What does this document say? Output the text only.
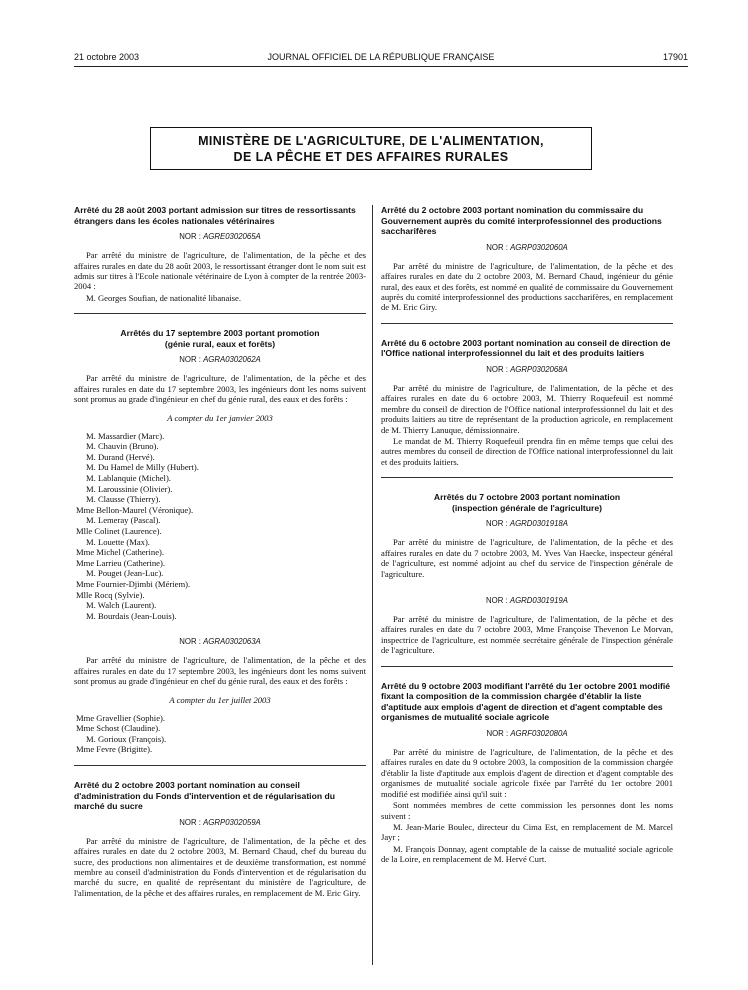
21 octobre 2003	JOURNAL OFFICIEL DE LA RÉPUBLIQUE FRANÇAISE	17901
MINISTÈRE DE L'AGRICULTURE, DE L'ALIMENTATION,
DE LA PÊCHE ET DES AFFAIRES RURALES
Arrêté du 28 août 2003 portant admission sur titres de ressortissants étrangers dans les écoles nationales vétérinaires
NOR : AGRE0302065A

Par arrêté du ministre de l'agriculture, de l'alimentation, de la pêche et des affaires rurales en date du 28 août 2003, le ressortissant étranger dont le nom suit est admis sur titres à l'Ecole nationale vétérinaire de Lyon à compter de la rentrée 2003-2004 :

M. Georges Soufian, de nationalité libanaise.

Arrêtés du 17 septembre 2003 portant promotion
(génie rural, eaux et forêts)
NOR : AGRA0302062A

Par arrêté du ministre de l'agriculture, de l'alimentation, de la pêche et des affaires rurales en date du 17 septembre 2003, les ingénieurs dont les noms suivent sont promus au grade d'ingénieur en chef du génie rural, des eaux et des forêts :

A compter du 1er janvier 2003
M. Massardier (Marc).
M. Chauvin (Bruno).
M. Durand (Hervé).
M. Du Hamel de Milly (Hubert).
M. Lablanquie (Michel).
M. Laroussinie (Olivier).
M. Clausse (Thierry).
Mme Bellon-Maurel (Véronique).
M. Lemeray (Pascal).
Mlle Colinet (Laurence).
M. Louette (Max).
Mme Michel (Catherine).
Mme Larrieu (Catherine).
M. Pouget (Jean-Luc).
Mme Fournier-Djimbi (Mériem).
Mlle Rocq (Sylvie).
M. Walch (Laurent).
M. Bourdais (Jean-Louis).
NOR : AGRA0302063A

Par arrêté du ministre de l'agriculture, de l'alimentation, de la pêche et des affaires rurales en date du 17 septembre 2003, les ingénieurs dont les noms suivent sont promus au grade d'ingénieur en chef du génie rural, des eaux et des forêts :

A compter du 1er juillet 2003
Mme Gravellier (Sophie).
Mme Schost (Claudine).
M. Gorioux (François).
Mme Fevre (Brigitte).
Arrêté du 2 octobre 2003 portant nomination au conseil d'administration du Fonds d'intervention et de régularisation du marché du sucre
NOR : AGRP0302059A

Par arrêté du ministre de l'agriculture, de l'alimentation, de la pêche et des affaires rurales en date du 2 octobre 2003, M. Bernard Chaud, chef du bureau du sucre, des productions non alimentaires et de deuxième transformation, est nommé membre au conseil d'administration du Fonds d'intervention et de régularisation du marché du sucre, en qualité de représentant du ministère de l'agriculture, de l'alimentation, de la pêche et des affaires rurales, en remplacement de M. Eric Giry.

Arrêté du 2 octobre 2003 portant nomination du commissaire du Gouvernement auprès du comité interprofessionnel des productions saccharifères
NOR : AGRP0302060A

Par arrêté du ministre de l'agriculture, de l'alimentation, de la pêche et des affaires rurales en date du 2 octobre 2003, M. Bernard Chaud, ingénieur du génie rural, des eaux et des forêts, est nommé en qualité de commissaire du Gouvernement auprès du comité interprofessionnel des productions saccharifères, en remplacement de M. Eric Giry.

Arrêté du 6 octobre 2003 portant nomination au conseil de direction de l'Office national interprofessionnel du lait et des produits laitiers
NOR : AGRP0302068A

Par arrêté du ministre de l'agriculture, de l'alimentation, de la pêche et des affaires rurales en date du 6 octobre 2003, M. Thierry Roquefeuil est nommé membre du conseil de direction de l'Office national interprofessionnel du lait et des produits laitiers au titre de représentant de la production agricole, en remplacement de M. Thierry Lanuque, démissionnaire.

Le mandat de M. Thierry Roquefeuil prendra fin en même temps que celui des autres membres du conseil de direction de l'Office national interprofessionnel du lait et des produits laitiers.

Arrêtés du 7 octobre 2003 portant nomination
(inspection générale de l'agriculture)
NOR : AGRD0301918A

Par arrêté du ministre de l'agriculture, de l'alimentation, de la pêche et des affaires rurales en date du 7 octobre 2003, M. Yves Van Haecke, inspecteur général de l'agriculture, est nommé adjoint au chef du service de l'inspection générale de l'agriculture.

NOR : AGRD0301919A

Par arrêté du ministre de l'agriculture, de l'alimentation, de la pêche et des affaires rurales en date du 7 octobre 2003, Mme Françoise Thevenon Le Morvan, inspectrice de l'agriculture, est nommée secrétaire générale de l'inspection générale de l'agriculture.

Arrêté du 9 octobre 2003 modifiant l'arrêté du 1er octobre 2001 modifié fixant la composition de la commission chargée d'établir la liste d'aptitude aux emplois d'agent de direction et d'agent comptable des organismes de mutualité sociale agricole
NOR : AGRF0302080A

Par arrêté du ministre de l'agriculture, de l'alimentation, de la pêche et des affaires rurales en date du 9 octobre 2003, la composition de la commission chargée d'établir la liste d'aptitude aux emplois d'agent de direction et d'agent comptable des organismes de mutualité sociale agricole fixée par l'arrêté du 1er octobre 2001 modifié est modifiée ainsi qu'il suit :

Sont nommées membres de cette commission les personnes dont les noms suivent :

M. Jean-Marie Boulec, directeur du Cima Est, en remplacement de M. Marcel Jayr ;

M. François Donnay, agent comptable de la caisse de mutualité sociale agricole de la Loire, en remplacement de M. Hervé Curt.
